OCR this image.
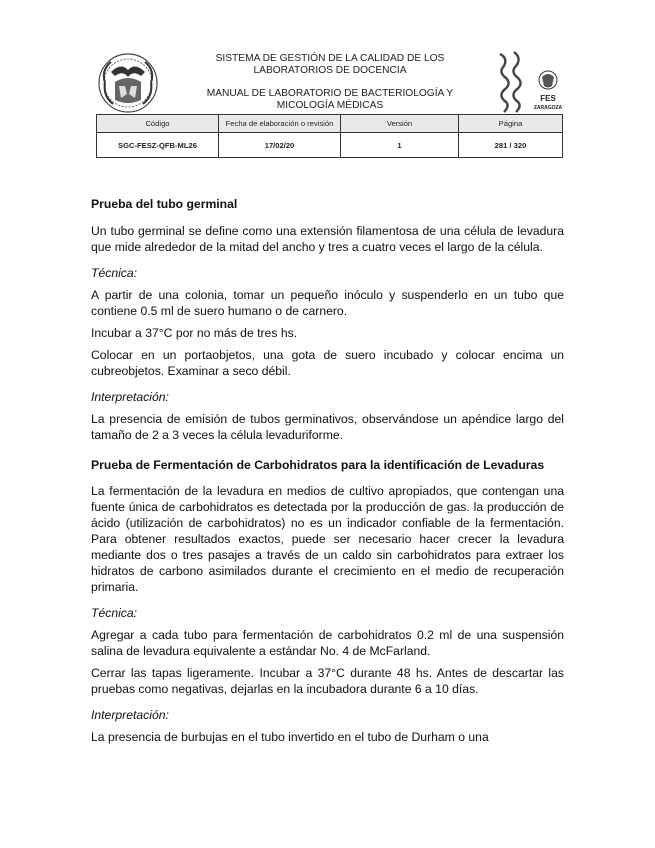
SISTEMA DE GESTIÓN DE LA CALIDAD DE LOS
LABORATORIOS DE DOCENCIA
MANUAL DE LABORATORIO DE BACTERIOLOGÍA Y
MICOLOGÍA MÉDICAS
FES
ZARAGOZA
Código	Fecha de elaboración o revisión	Versión	Página
SGC-FESZ-QFB-ML26	17/02/20	1	281 / 320

Prueba del tubo germinal

Un tubo germinal se define como una extensión filamentosa de una célula de levadura que mide alrededor de la mitad del ancho y tres a cuatro veces el largo de la célula.

Técnica:

A partir de una colonia, tomar un pequeño inóculo y suspenderlo en un tubo que contiene 0.5 ml de suero humano o de carnero.

Incubar a 37°C por no más de tres hs.

Colocar en un portaobjetos, una gota de suero incubado y colocar encima un cubreobjetos. Examinar a seco débil.

Interpretación:

La presencia de emisión de tubos germinativos, observándose un apéndice largo del tamaño de 2 a 3 veces la célula levaduriforme.

Prueba de Fermentación de Carbohidratos para la identificación de Levaduras

La fermentación de la levadura en medios de cultivo apropiados, que contengan una fuente única de carbohidratos es detectada por la producción de gas. la producción de ácido (utilización de carbohidratos) no es un indicador confiable de la fermentación. Para obtener resultados exactos, puede ser necesario hacer crecer la levadura mediante dos o tres pasajes a través de un caldo sin carbohidratos para extraer los hidratos de carbono asimilados durante el crecimiento en el medio de recuperación primaria.

Técnica:

Agregar a cada tubo para fermentación de carbohidratos 0.2 ml de una suspensión salina de levadura equivalente a estándar No. 4 de McFarland.

Cerrar las tapas ligeramente. Incubar a 37°C durante 48 hs. Antes de descartar las pruebas como negativas, dejarlas en la incubadora durante 6 a 10 días.

Interpretación:

La presencia de burbujas en el tubo invertido en el tubo de Durham o una
